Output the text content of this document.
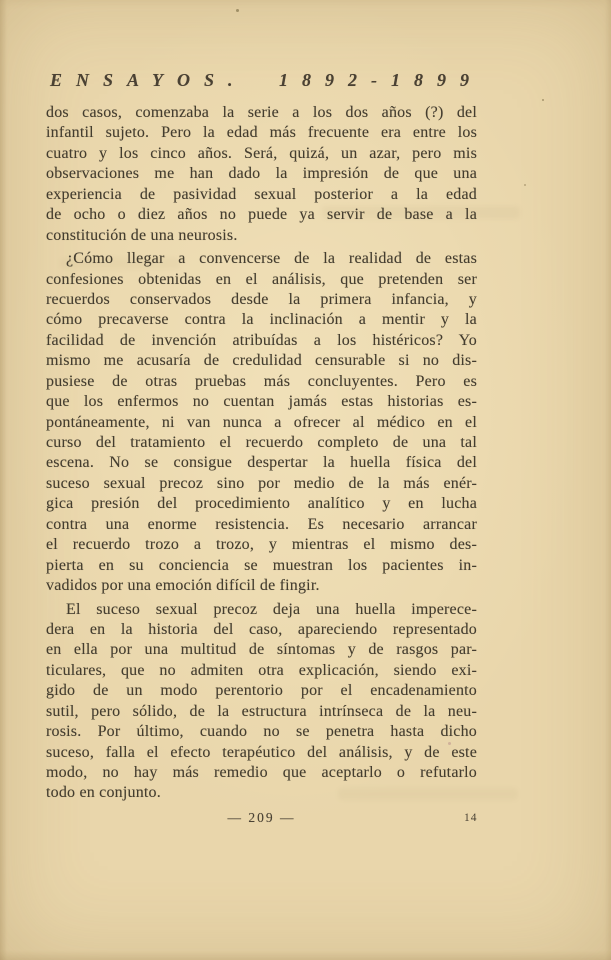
ENSAYOS. 1892-1899
dos casos, comenzaba la serie a los dos años (?) del
infantil sujeto. Pero la edad más frecuente era entre los
cuatro y los cinco años. Será, quizá, un azar, pero mis
observaciones me han dado la impresión de que una
experiencia de pasividad sexual posterior a la edad
de ocho o diez años no puede ya servir de base a la
constitución de una neurosis.
¿Cómo llegar a convencerse de la realidad de estas
confesiones obtenidas en el análisis, que pretenden ser
recuerdos conservados desde la primera infancia, y
cómo precaverse contra la inclinación a mentir y la
facilidad de invención atribuídas a los histéricos? Yo
mismo me acusaría de credulidad censurable si no dis-
pusiese de otras pruebas más concluyentes. Pero es
que los enfermos no cuentan jamás estas historias es-
pontáneamente, ni van nunca a ofrecer al médico en el
curso del tratamiento el recuerdo completo de una tal
escena. No se consigue despertar la huella física del
suceso sexual precoz sino por medio de la más enér-
gica presión del procedimiento analítico y en lucha
contra una enorme resistencia. Es necesario arrancar
el recuerdo trozo a trozo, y mientras el mismo des-
pierta en su conciencia se muestran los pacientes in-
vadidos por una emoción difícil de fingir.
El suceso sexual precoz deja una huella imperece-
dera en la historia del caso, apareciendo representado
en ella por una multitud de síntomas y de rasgos par-
ticulares, que no admiten otra explicación, siendo exi-
gido de un modo perentorio por el encadenamiento
sutil, pero sólido, de la estructura intrínseca de la neu-
rosis. Por último, cuando no se penetra hasta dicho
suceso, falla el efecto terapéutico del análisis, y de este
modo, no hay más remedio que aceptarlo o refutarlo
todo en conjunto.
— 209 —	14
